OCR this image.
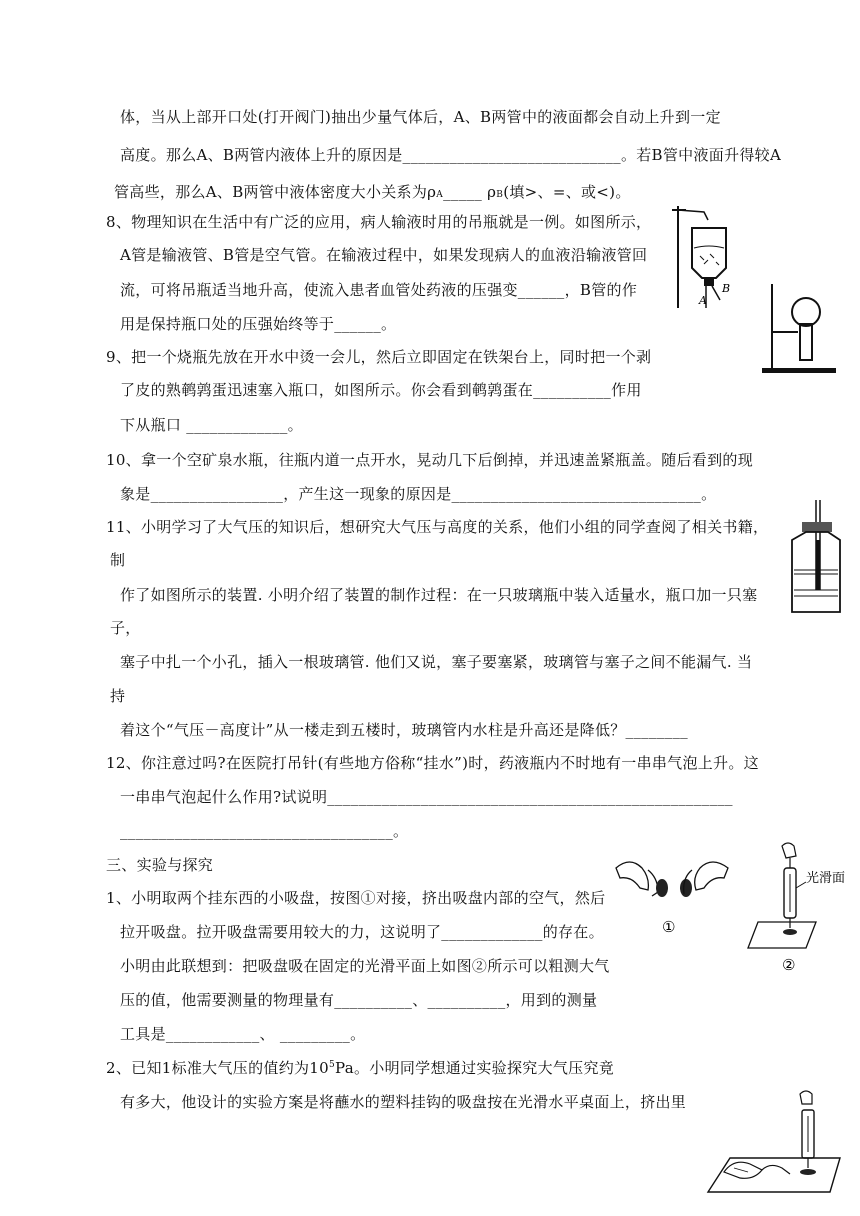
体，当从上部开口处(打开阀门)抽出少量气体后，A、B两管中的液面都会自动上升到一定
高度。那么A、B两管内液体上升的原因是____________________________。若B管中液面升得较A
管高些，那么A、B两管中液体密度大小关系为ρA_____ ρB(填>、=、或<)。
8、物理知识在生活中有广泛的应用，病人输液时用的吊瓶就是一例。如图所示，
A管是输液管、B管是空气管。在输液过程中，如果发现病人的血液沿输液管回
流，可将吊瓶适当地升高，使流入患者血管处药液的压强变______，B管的作
用是保持瓶口处的压强始终等于______。
9、把一个烧瓶先放在开水中烫一会儿，然后立即固定在铁架台上，同时把一个剥
了皮的熟鹌鹑蛋迅速塞入瓶口，如图所示。你会看到鹌鹑蛋在__________作用
下从瓶口 _____________。
10、拿一个空矿泉水瓶，往瓶内道一点开水，晃动几下后倒掉，并迅速盖紧瓶盖。随后看到的现
象是_________________，产生这一现象的原因是________________________________。
11、小明学习了大气压的知识后，想研究大气压与高度的关系，他们小组的同学查阅了相关书籍，
制
作了如图所示的装置. 小明介绍了装置的制作过程：在一只玻璃瓶中装入适量水，瓶口加一只塞
子，
塞子中扎一个小孔，插入一根玻璃管. 他们又说，塞子要塞紧，玻璃管与塞子之间不能漏气. 当
持
着这个“气压－高度计”从一楼走到五楼时，玻璃管内水柱是升高还是降低？________
12、你注意过吗?在医院打吊针(有些地方俗称“挂水”)时，药液瓶内不时地有一串串气泡上升。这
一串串气泡起什么作用?试说明____________________________________________________
___________________________________。
三、实验与探究
1、小明取两个挂东西的小吸盘，按图①对接，挤出吸盘内部的空气，然后
拉开吸盘。拉开吸盘需要用较大的力，这说明了_____________的存在。
小明由此联想到：把吸盘吸在固定的光滑平面上如图②所示可以粗测大气
压的值，他需要测量的物理量有__________、__________，用到的测量
工具是____________、 _________。
2、已知1标准大气压的值约为$10^5Pa$。小明同学想通过实验探究大气压究竟
有多大，他设计的实验方案是将蘸水的塑料挂钩的吸盘按在光滑水平桌面上，挤出里
A
B
①
光滑面
②
